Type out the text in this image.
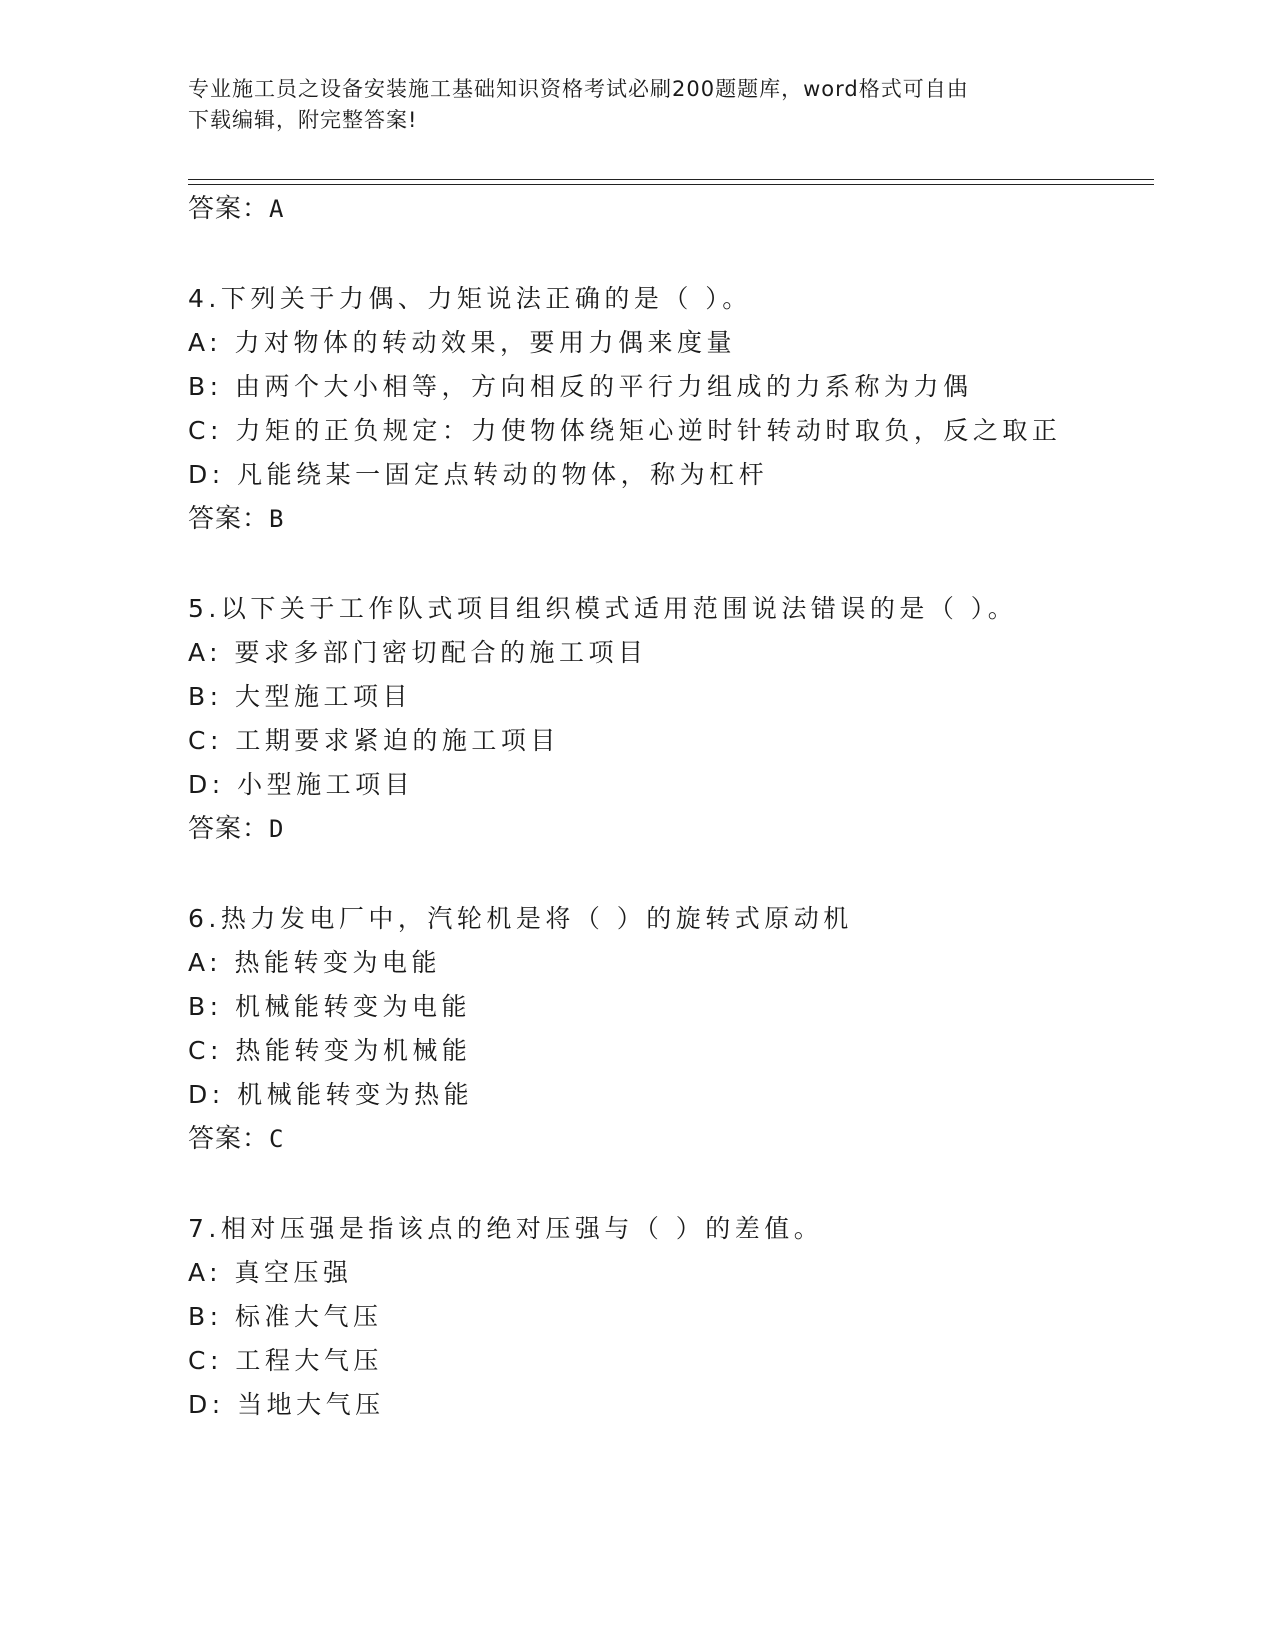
专业施工员之设备安装施工基础知识资格考试必刷200题题库，word格式可自由
下载编辑，附完整答案!
答案：A
4.下列关于力偶、力矩说法正确的是（ ）。
A: 力对物体的转动效果，要用力偶来度量
B: 由两个大小相等，方向相反的平行力组成的力系称为力偶
C: 力矩的正负规定：力使物体绕矩心逆时针转动时取负，反之取正
D: 凡能绕某一固定点转动的物体，称为杠杆
答案：B
5.以下关于工作队式项目组织模式适用范围说法错误的是（ ）。
A: 要求多部门密切配合的施工项目
B: 大型施工项目
C: 工期要求紧迫的施工项目
D: 小型施工项目
答案：D
6.热力发电厂中，汽轮机是将（ ）的旋转式原动机
A: 热能转变为电能
B: 机械能转变为电能
C: 热能转变为机械能
D: 机械能转变为热能
答案：C
7.相对压强是指该点的绝对压强与（ ）的差值。
A: 真空压强
B: 标准大气压
C: 工程大气压
D: 当地大气压
